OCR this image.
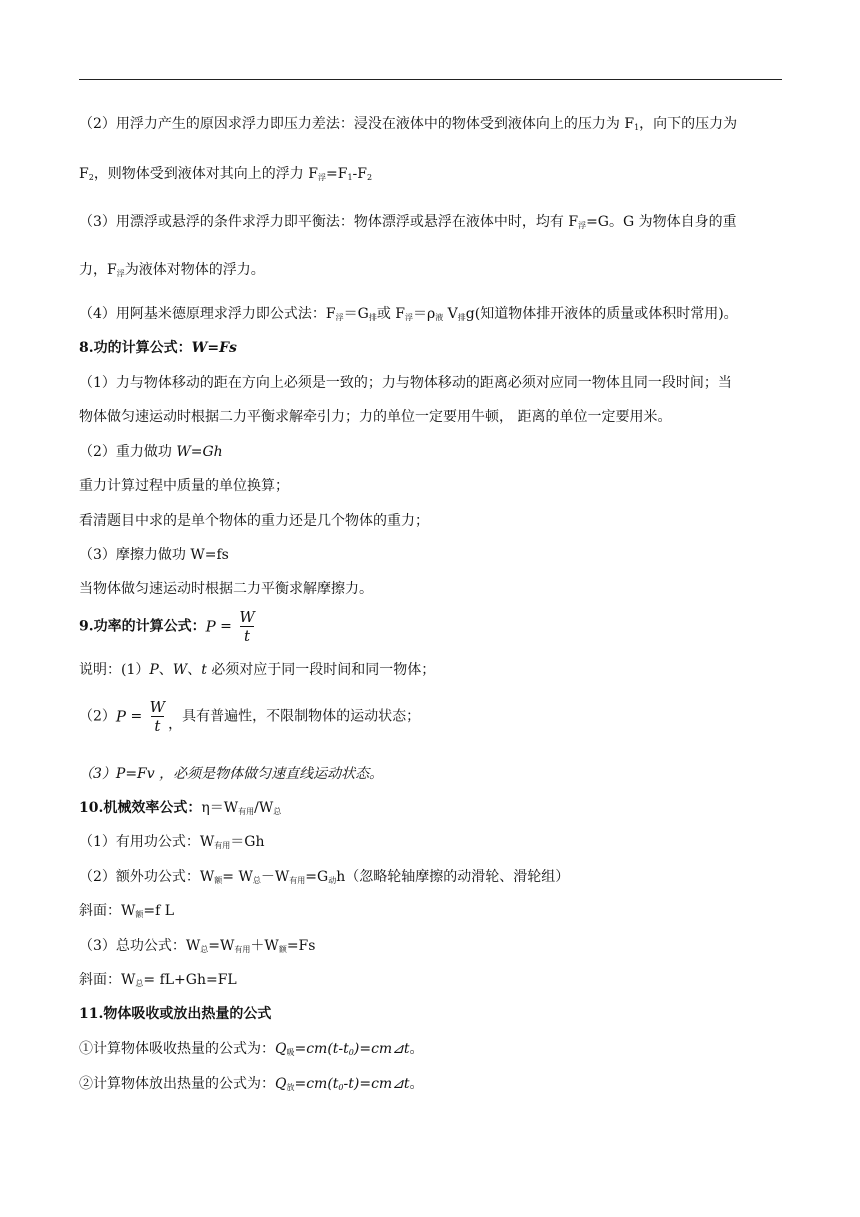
（2）用浮力产生的原因求浮力即压力差法：浸没在液体中的物体受到液体向上的压力为 $F_1$，向下的压力为
$F_2$，则物体受到液体对其向上的浮力 $F_浮=F_1-F_2$
（3）用漂浮或悬浮的条件求浮力即平衡法：物体漂浮或悬浮在液体中时，均有 $F_浮=G$。G 为物体自身的重
力，$F_浮$为液体对物体的浮力。
（4）用阿基米德原理求浮力即公式法：$F_浮=G_排$或 $F_浮=\rho_液$ $V_排g$(知道物体排开液体的质量或体积时常用)。
8.功的计算公式：W=Fs
（1）力与物体移动的距在方向上必须是一致的；力与物体移动的距离必须对应同一物体且同一段时间；当
物体做匀速运动时根据二力平衡求解牵引力；力的单位一定要用牛顿， 距离的单位一定要用米。
（2）重力做功 W=Gh
重力计算过程中质量的单位换算；
看清题目中求的是单个物体的重力还是几个物体的重力；
（3）摩擦力做功 W=fs
当物体做匀速运动时根据二力平衡求解摩擦力。
9.功率的计算公式：$P = \frac{W}{t}$
说明：(1）P、W、t 必须对应于同一段时间和同一物体；
$(2)P = \frac{W}{t}$ ，具有普遍性，不限制物体的运动状态；
（3）P=Fv ，必须是物体做匀速直线运动状态。
10.机械效率公式：$\eta=W_{有用}/W_总$
（1）有用功公式：$W_{有用}=Gh$
（2）额外功公式：$W_额= W_总-W_{有用}=G_动h$（忽略轮轴摩擦的动滑轮、滑轮组）
斜面：$W_额=f$ L
（3）总功公式：$W_总=W_{有用}+W_额=Fs$
斜面：$W_总= fL+Gh=FL$
11.物体吸收或放出热量的公式
①计算物体吸收热量的公式为：$Q_吸=cm(t-t_0)=cm⊿t$。
②计算物体放出热量的公式为：$Q_放=cm(t_0-t)=cm⊿t$。
